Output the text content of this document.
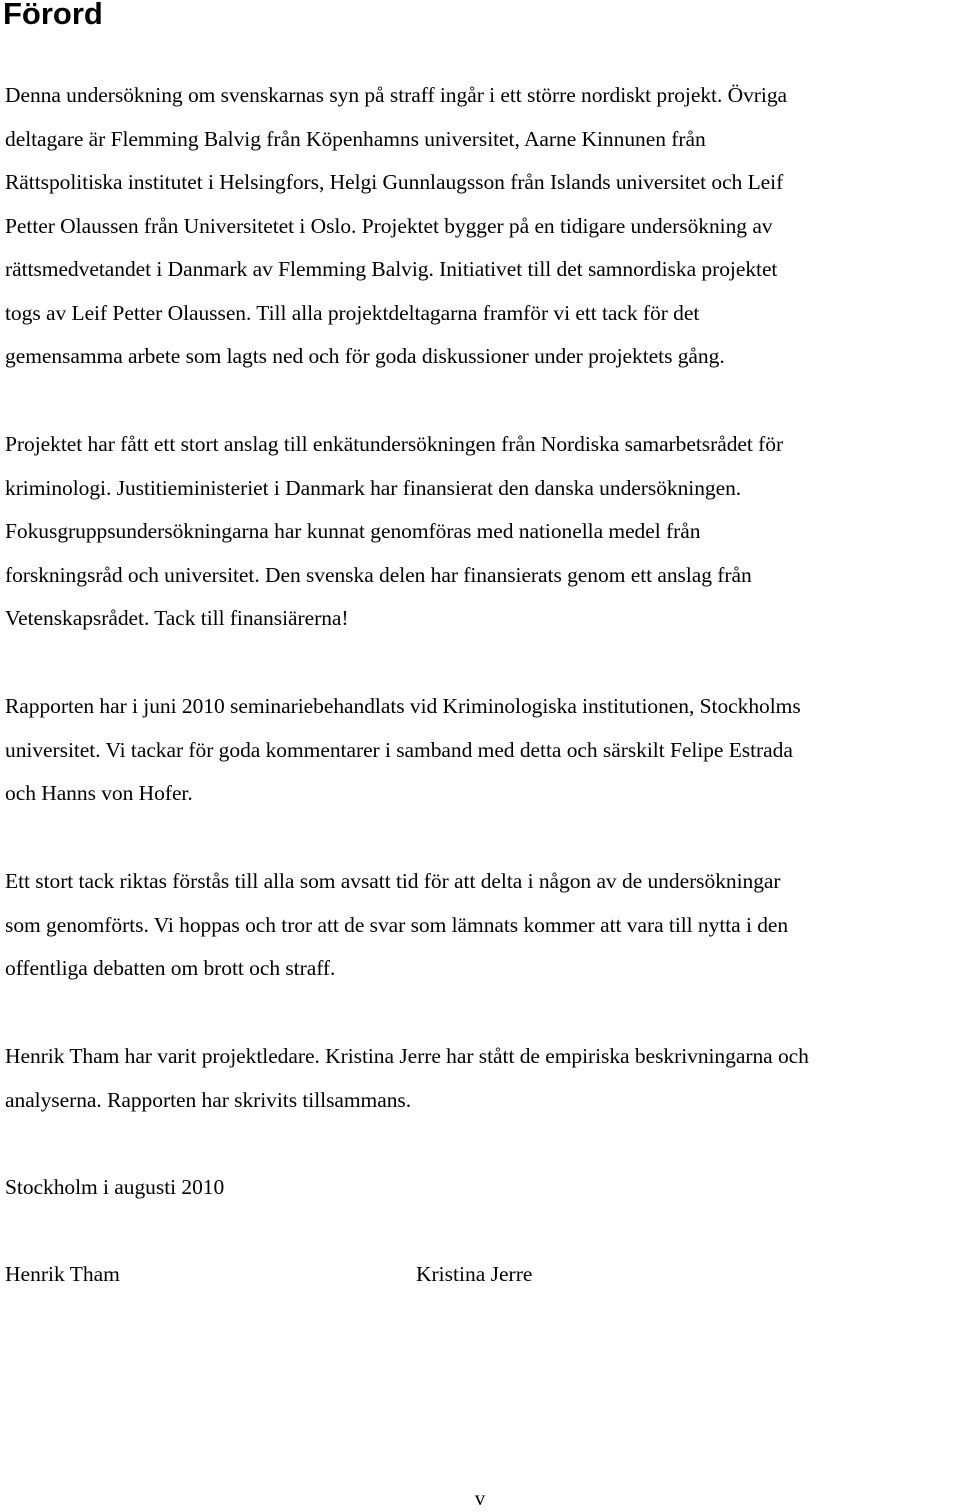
Förord

Denna undersökning om svenskarnas syn på straff ingår i ett större nordiskt projekt. Övriga
deltagare är Flemming Balvig från Köpenhamns universitet, Aarne Kinnunen från
Rättspolitiska institutet i Helsingfors, Helgi Gunnlaugsson från Islands universitet och Leif
Petter Olaussen från Universitetet i Oslo. Projektet bygger på en tidigare undersökning av
rättsmedvetandet i Danmark av Flemming Balvig. Initiativet till det samnordiska projektet
togs av Leif Petter Olaussen. Till alla projektdeltagarna framför vi ett tack för det
gemensamma arbete som lagts ned och för goda diskussioner under projektets gång.

Projektet har fått ett stort anslag till enkätundersökningen från Nordiska samarbetsrådet för
kriminologi. Justitieministeriet i Danmark har finansierat den danska undersökningen.
Fokusgruppsundersökningarna har kunnat genomföras med nationella medel från
forskningsråd och universitet. Den svenska delen har finansierats genom ett anslag från
Vetenskapsrådet. Tack till finansiärerna!

Rapporten har i juni 2010 seminariebehandlats vid Kriminologiska institutionen, Stockholms
universitet. Vi tackar för goda kommentarer i samband med detta och särskilt Felipe Estrada
och Hanns von Hofer.

Ett stort tack riktas förstås till alla som avsatt tid för att delta i någon av de undersökningar
som genomförts. Vi hoppas och tror att de svar som lämnats kommer att vara till nytta i den
offentliga debatten om brott och straff.

Henrik Tham har varit projektledare. Kristina Jerre har stått de empiriska beskrivningarna och
analyserna. Rapporten har skrivits tillsammans.

Stockholm i augusti 2010

Henrik Tham	Kristina Jerre
v
